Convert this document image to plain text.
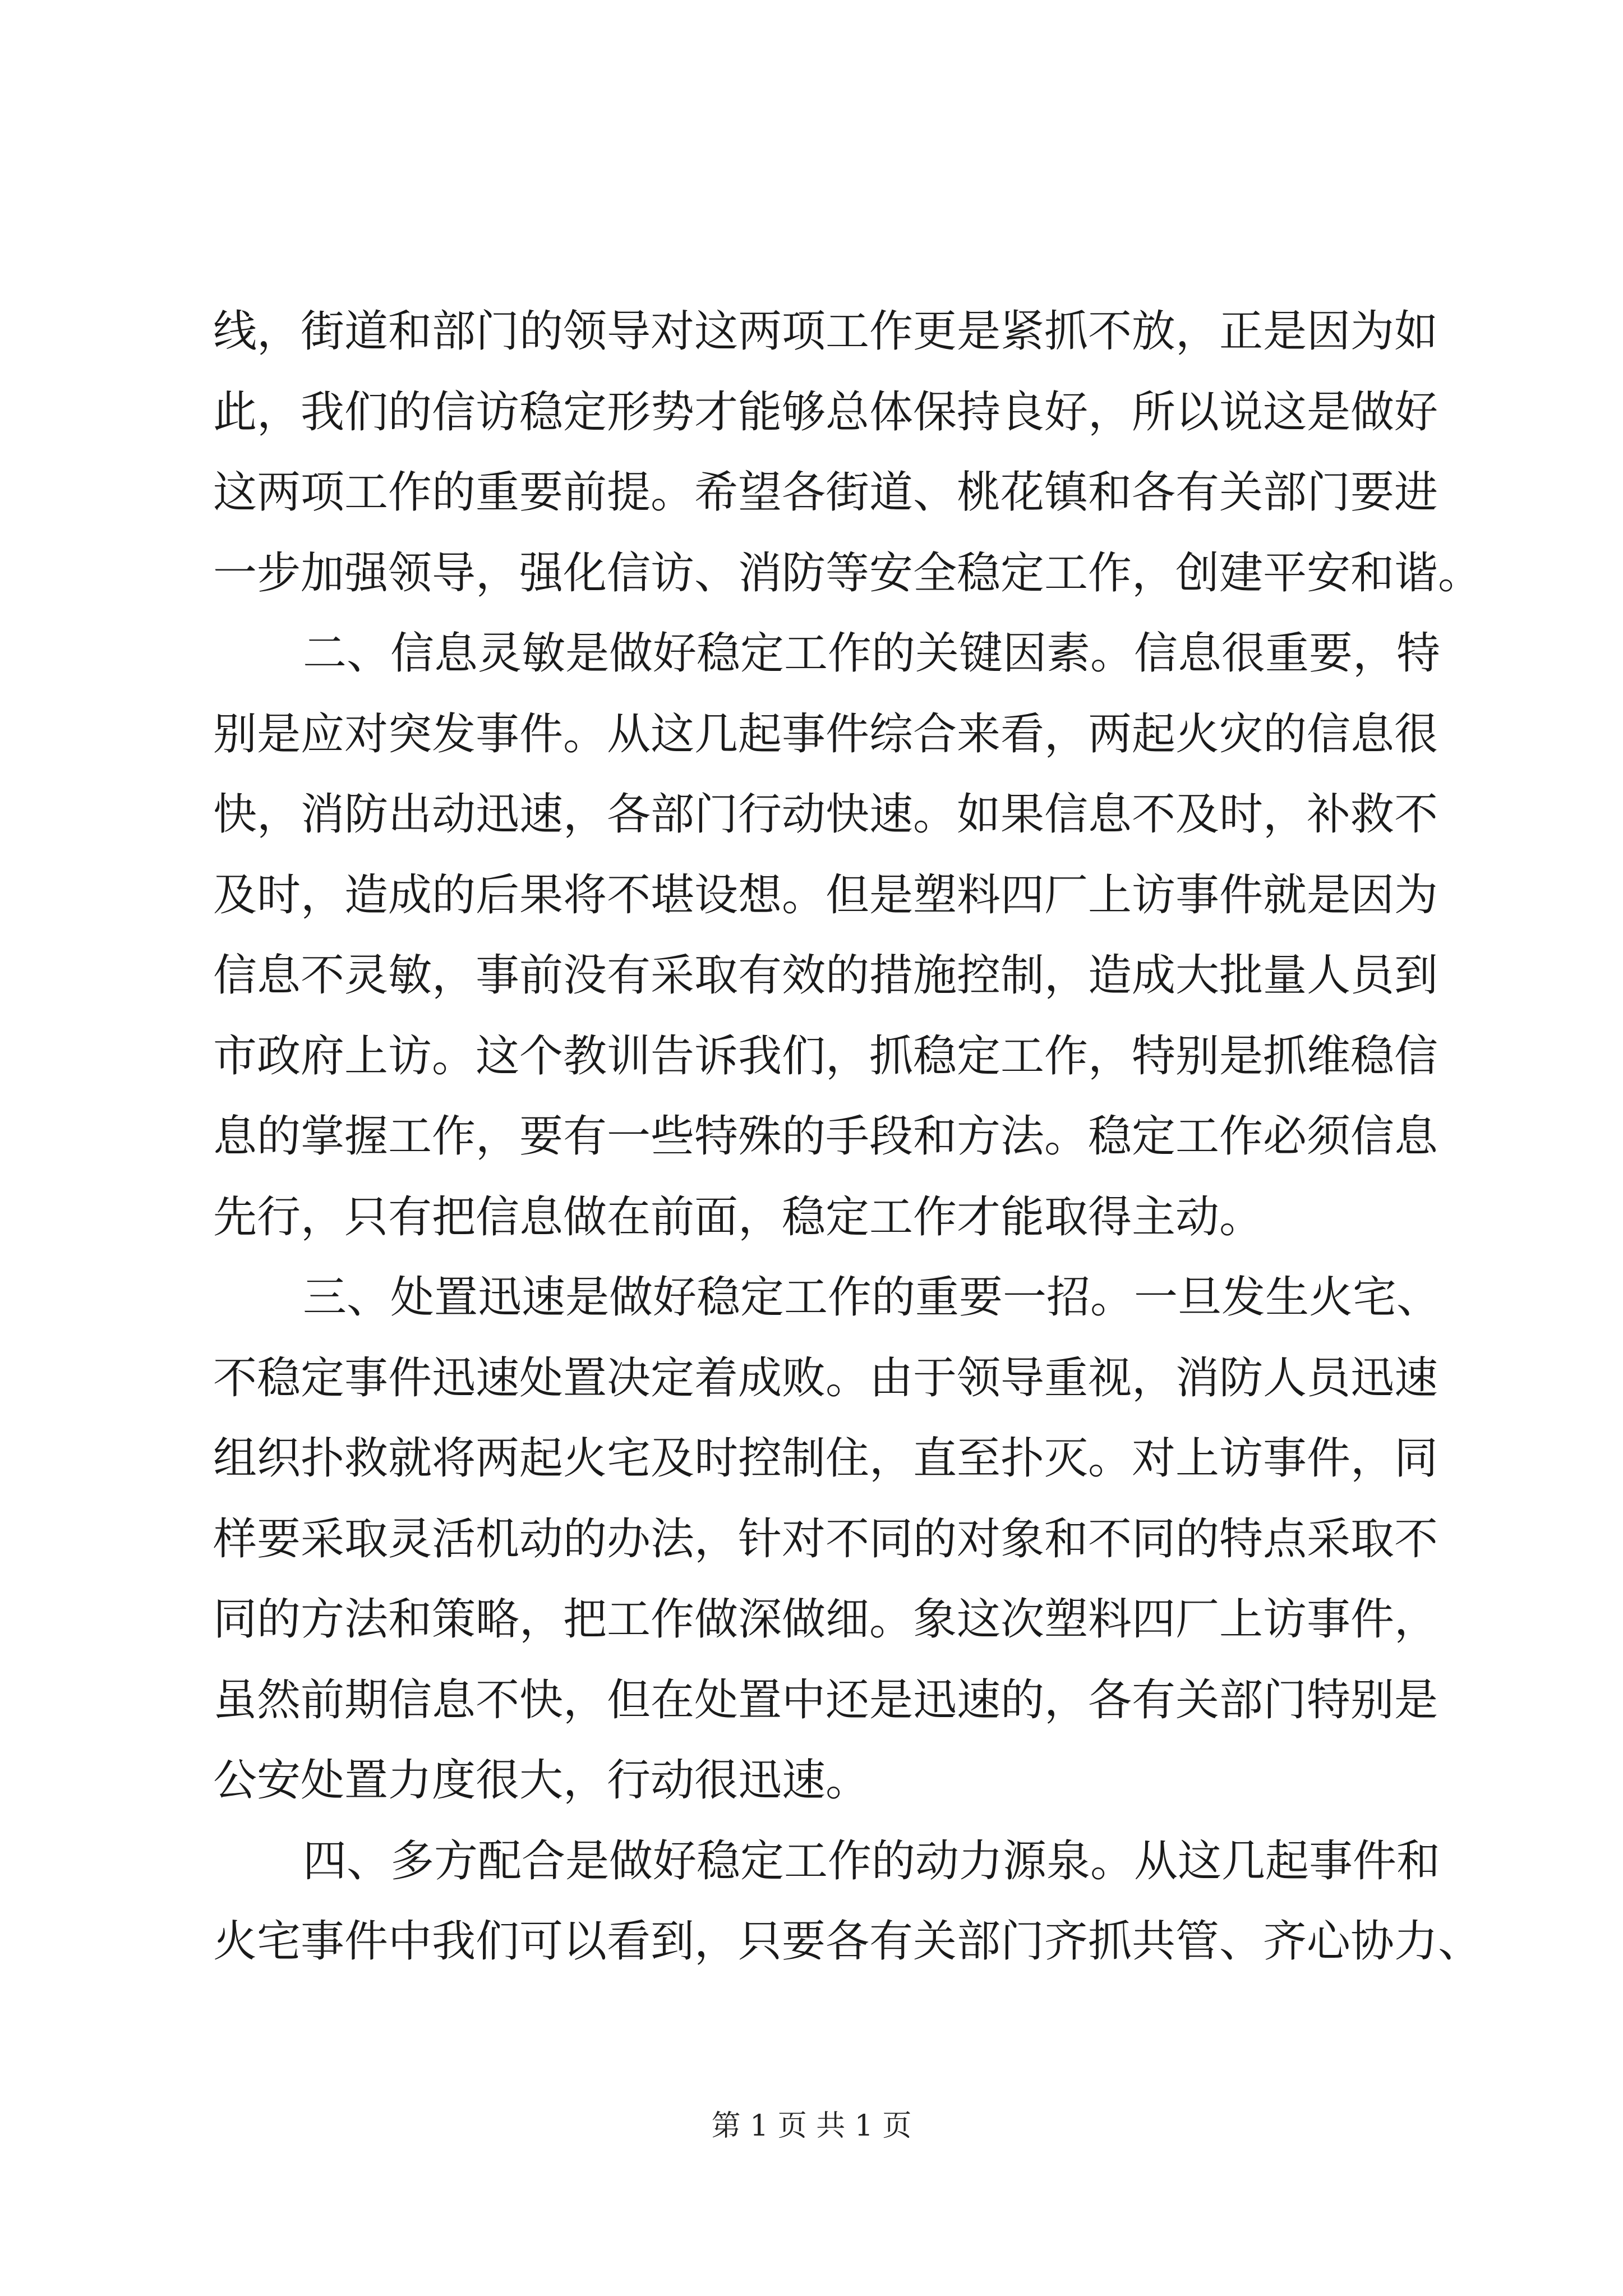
线，街道和部门的领导对这两项工作更是紧抓不放，正是因为如
此，我们的信访稳定形势才能够总体保持良好，所以说这是做好
这两项工作的重要前提。希望各街道、桃花镇和各有关部门要进
一步加强领导，强化信访、消防等安全稳定工作，创建平安和谐。
二、信息灵敏是做好稳定工作的关键因素。信息很重要，特
别是应对突发事件。从这几起事件综合来看，两起火灾的信息很
快，消防出动迅速，各部门行动快速。如果信息不及时，补救不
及时，造成的后果将不堪设想。但是塑料四厂上访事件就是因为
信息不灵敏，事前没有采取有效的措施控制，造成大批量人员到
市政府上访。这个教训告诉我们，抓稳定工作，特别是抓维稳信
息的掌握工作，要有一些特殊的手段和方法。稳定工作必须信息
先行，只有把信息做在前面，稳定工作才能取得主动。
三、处置迅速是做好稳定工作的重要一招。一旦发生火宅、
不稳定事件迅速处置决定着成败。由于领导重视，消防人员迅速
组织扑救就将两起火宅及时控制住，直至扑灭。对上访事件，同
样要采取灵活机动的办法，针对不同的对象和不同的特点采取不
同的方法和策略，把工作做深做细。象这次塑料四厂上访事件，
虽然前期信息不快，但在处置中还是迅速的，各有关部门特别是
公安处置力度很大，行动很迅速。
四、多方配合是做好稳定工作的动力源泉。从这几起事件和
火宅事件中我们可以看到，只要各有关部门齐抓共管、齐心协力、
第 1 页 共 1 页
